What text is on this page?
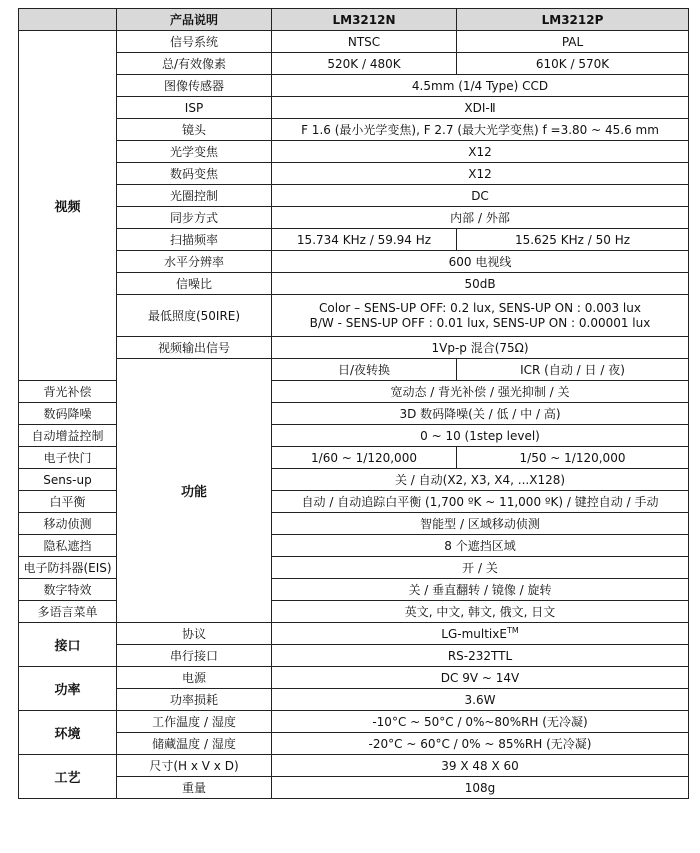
	产品说明	LM3212N	LM3212P
视频	信号系统	NTSC	PAL
	总/有效像素	520K / 480K	610K / 570K
	图像传感器	4.5mm (1/4 Type) CCD	
	ISP	XDI-Ⅱ	
	镜头	F 1.6 (最小光学变焦), F 2.7 (最大光学变焦) f =3.80 ~ 45.6 mm	
	光学变焦	X12	
	数码变焦	X12	
	光圈控制	DC	
	同步方式	内部 / 外部	
	扫描频率	15.734 KHz / 59.94 Hz	15.625 KHz / 50 Hz
	水平分辨率	600 电视线	
	信噪比	50dB	
	最低照度(50IRE)	Color – SENS-UP OFF: 0.2 lux, SENS-UP ON : 0.003 lux
B/W - SENS-UP OFF : 0.01 lux, SENS-UP ON : 0.00001 lux	

	视频输出信号	1Vp-p 混合(75Ω)	
	功能	日/夜转换	ICR (自动 / 日 / 夜)
背光补偿		宽动态 / 背光补偿 / 强光抑制 / 关	
数码降噪		3D 数码降噪(关 / 低 / 中 / 高)	
自动增益控制		0 ~ 10 (1step level)	
电子快门		1/60 ~ 1/120,000	1/50 ~ 1/120,000
Sens-up		关 / 自动(X2, X3, X4, ...X128)	
白平衡		自动 / 自动追踪白平衡 (1,700 ºK ~ 11,000 ºK) / 键控自动 / 手动	
移动侦测		智能型 / 区域移动侦测	
隐私遮挡		8 个遮挡区域	
电子防抖器(EIS)		开 / 关	
数字特效		关 / 垂直翻转 / 镜像 / 旋转	
多语言菜单		英文, 中文, 韩文, 俄文, 日文	
接口	协议	LG-multixE™
	串行接口	RS-232TTL	
功率	电源	DC 9V ~ 14V	
	功率损耗	3.6W	
环境	工作温度 / 湿度	-10°C ~ 50°C / 0%~80%RH (无冷凝)	
	储藏温度 / 湿度	-20°C ~ 60°C / 0% ~ 85%RH (无冷凝)	
工艺	尺寸(H x V x D)	39 X 48 X 60	
	重量	108g	
